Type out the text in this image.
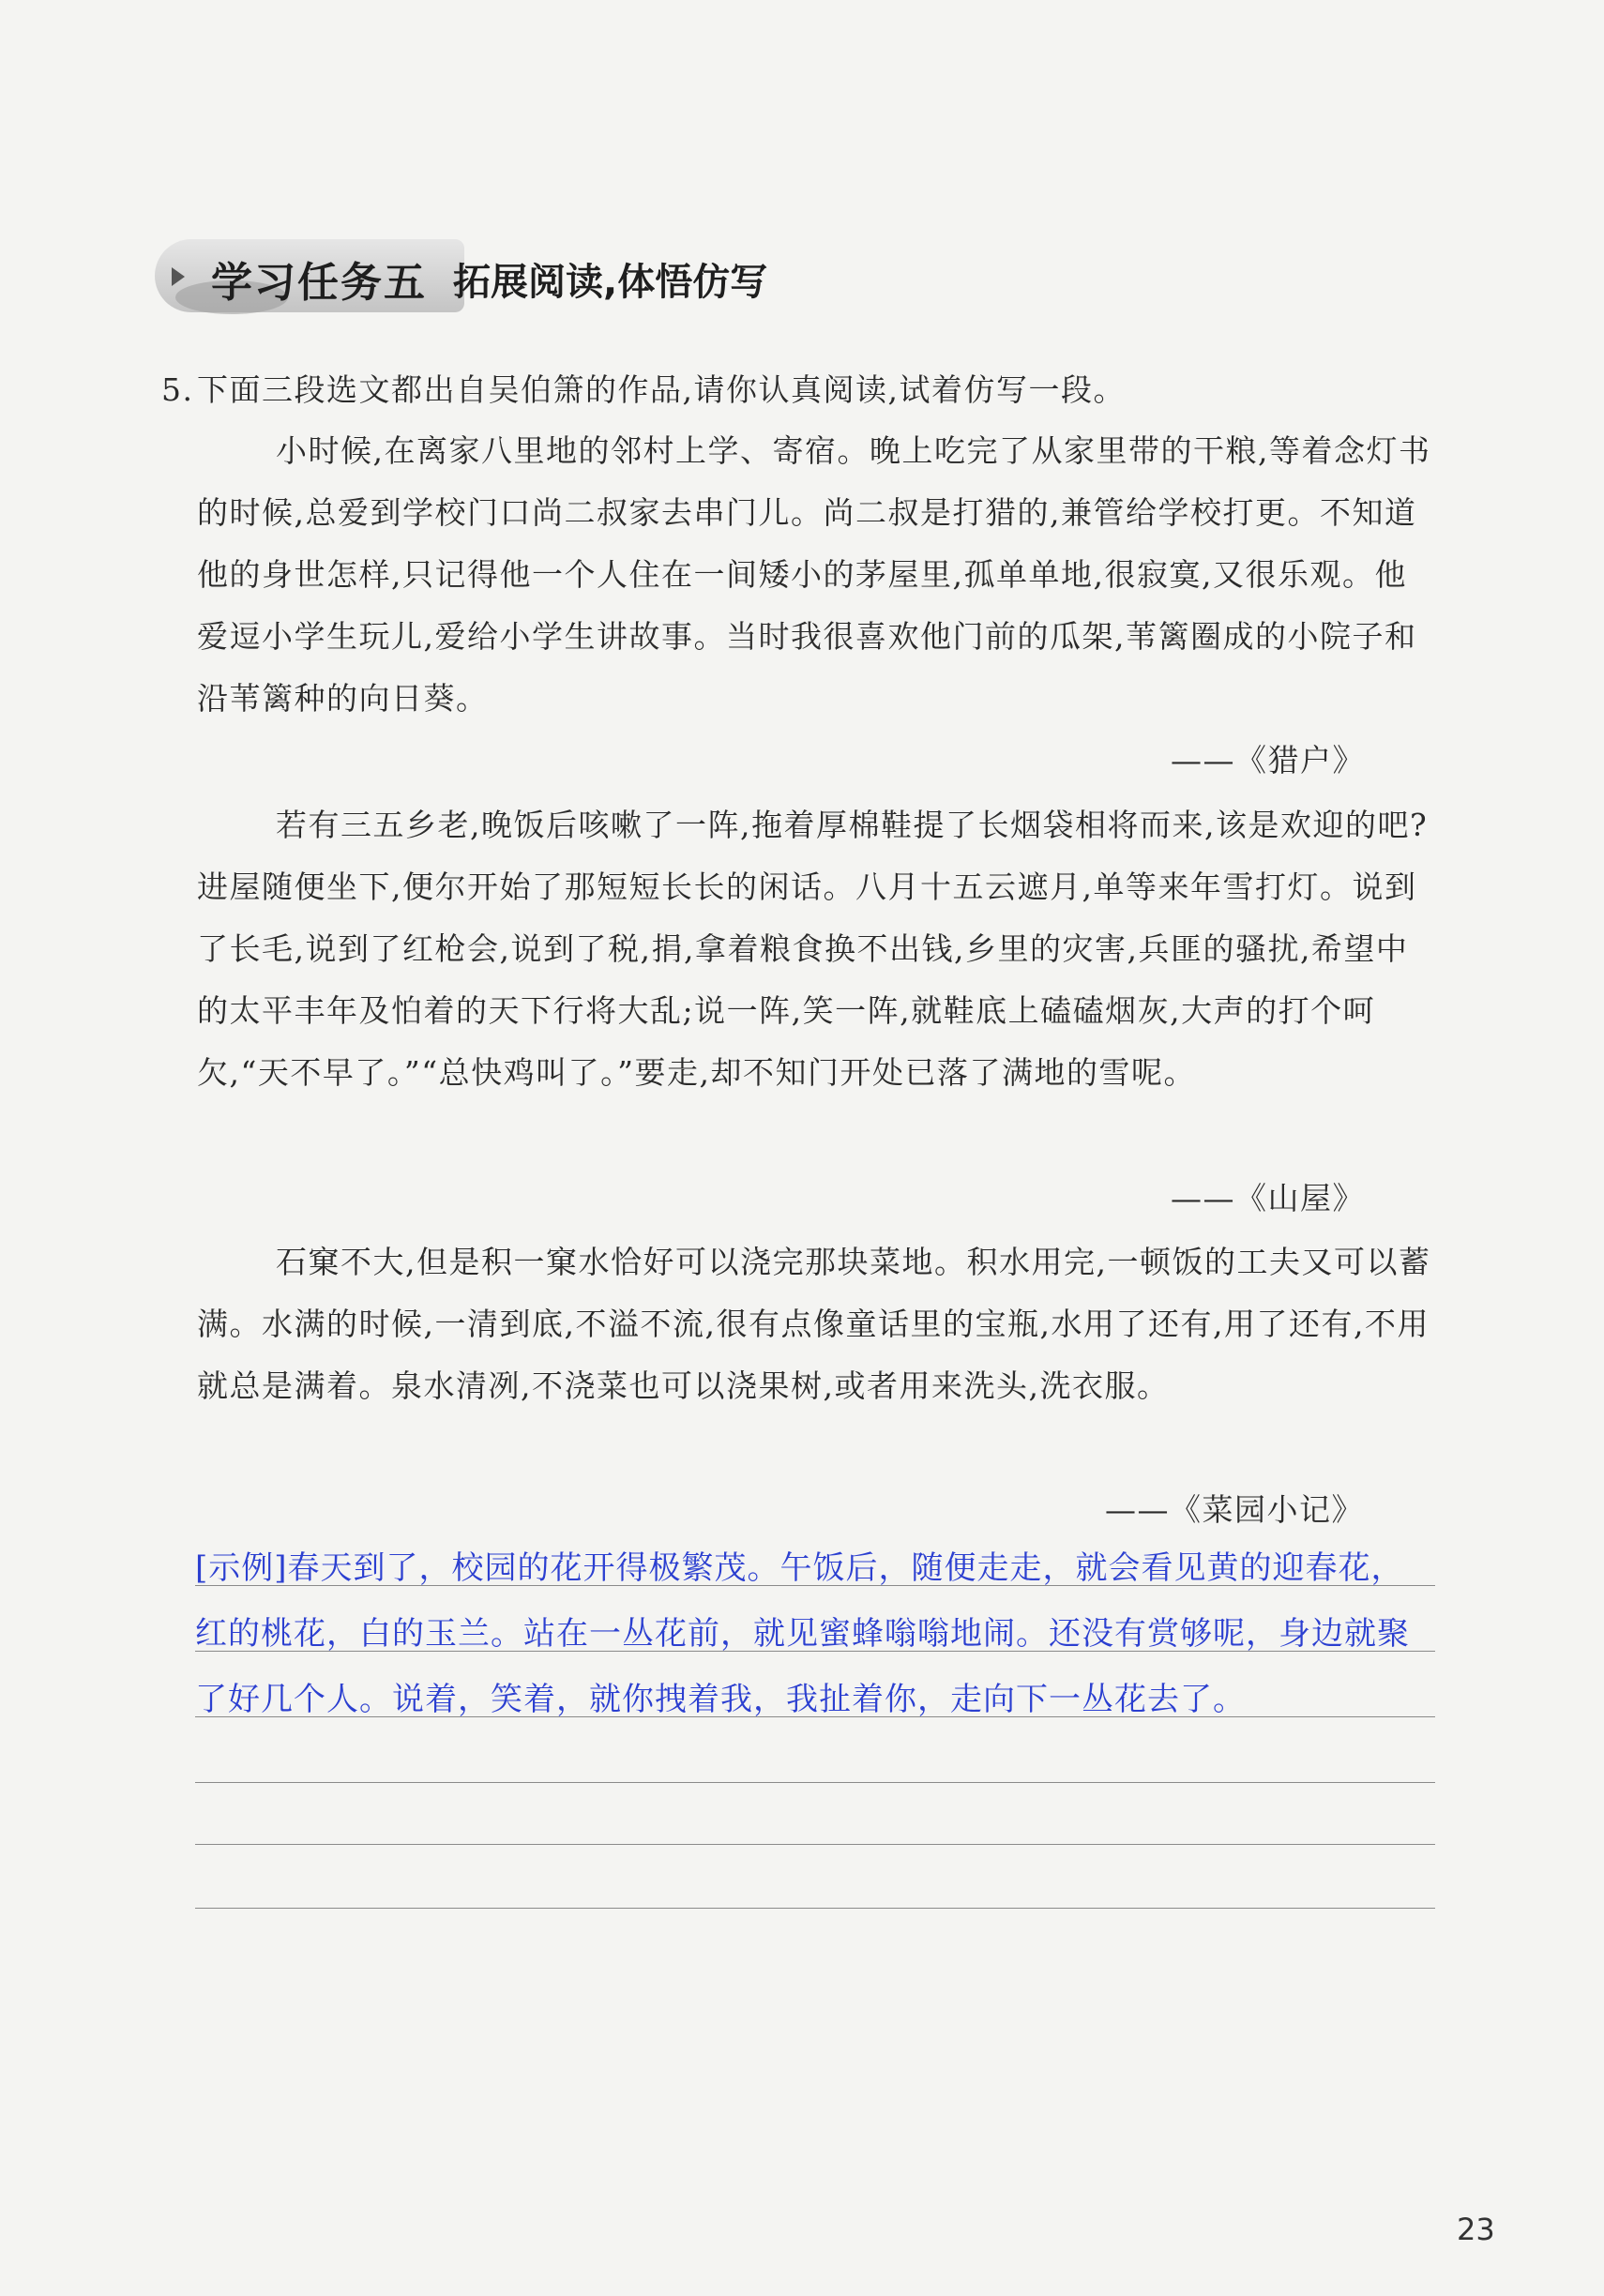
学习任务五 拓展阅读,体悟仿写
5. 下面三段选文都出自吴伯箫的作品,请你认真阅读,试着仿写一段。
小时候,在离家八里地的邻村上学、寄宿。晚上吃完了从家里带的干粮,等着念灯书的时候,总爱到学校门口尚二叔家去串门儿。尚二叔是打猎的,兼管给学校打更。不知道他的身世怎样,只记得他一个人住在一间矮小的茅屋里,孤单单地,很寂寞,又很乐观。他爱逗小学生玩儿,爱给小学生讲故事。当时我很喜欢他门前的瓜架,苇篱圈成的小院子和沿苇篱种的向日葵。
——《猎户》
若有三五乡老,晚饭后咳嗽了一阵,拖着厚棉鞋提了长烟袋相将而来,该是欢迎的吧?进屋随便坐下,便尔开始了那短短长长的闲话。八月十五云遮月,单等来年雪打灯。说到了长毛,说到了红枪会,说到了税,捐,拿着粮食换不出钱,乡里的灾害,兵匪的骚扰,希望中的太平丰年及怕着的天下行将大乱;说一阵,笑一阵,就鞋底上磕磕烟灰,大声的打个呵欠,“天不早了。”“总快鸡叫了。”要走,却不知门开处已落了满地的雪呢。
——《山屋》
石窠不大,但是积一窠水恰好可以浇完那块菜地。积水用完,一顿饭的工夫又可以蓄满。水满的时候,一清到底,不溢不流,很有点像童话里的宝瓶,水用了还有,用了还有,不用就总是满着。泉水清冽,不浇菜也可以浇果树,或者用来洗头,洗衣服。
——《菜园小记》
[示例]春天到了，校园的花开得极繁茂。午饭后，随便走走，就会看见黄的迎春花，红的桃花，白的玉兰。站在一丛花前，就见蜜蜂嗡嗡地闹。还没有赏够呢，身边就聚了好几个人。说着，笑着，就你拽着我，我扯着你，走向下一丛花去了。
23
